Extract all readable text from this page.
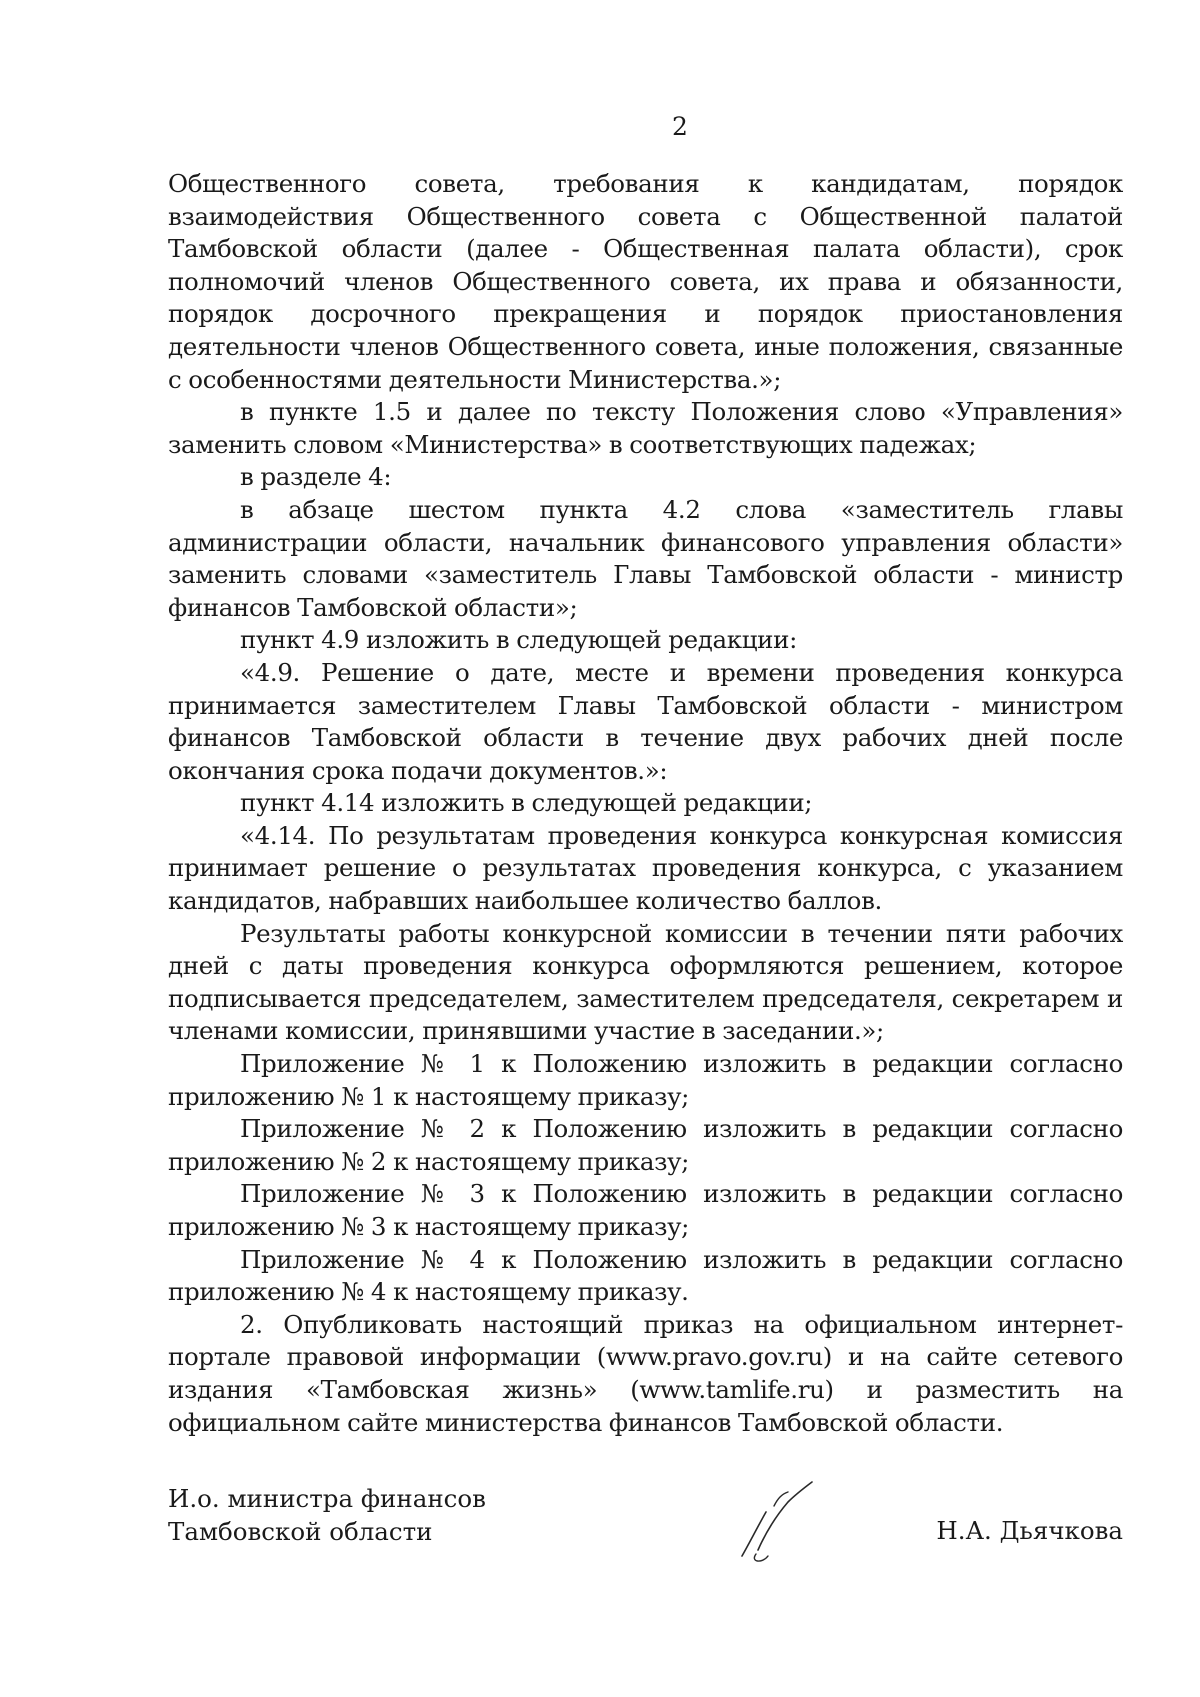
2

Общественного совета, требования к кандидатам, порядок взаимодействия Общественного совета с Общественной палатой Тамбовской области (далее - Общественная палата области), срок полномочий членов Общественного совета, их права и обязанности, порядок досрочного прекращения и порядок приостановления деятельности членов Общественного совета, иные положения, связанные с особенностями деятельности Министерства.»;

в пункте 1.5 и далее по тексту Положения слово «Управления» заменить словом «Министерства» в соответствующих падежах;

в разделе 4:

в абзаце шестом пункта 4.2 слова «заместитель главы администрации области, начальник финансового управления области» заменить словами «заместитель Главы Тамбовской области - министр финансов Тамбовской области»;

пункт 4.9 изложить в следующей редакции:

«4.9. Решение о дате, месте и времени проведения конкурса принимается заместителем Главы Тамбовской области - министром финансов Тамбовской области в течение двух рабочих дней после окончания срока подачи документов.»:

пункт 4.14 изложить в следующей редакции;

«4.14. По результатам проведения конкурса конкурсная комиссия принимает решение о результатах проведения конкурса, с указанием кандидатов, набравших наибольшее количество баллов.

Результаты работы конкурсной комиссии в течении пяти рабочих дней с даты проведения конкурса оформляются решением, которое подписывается председателем, заместителем председателя, секретарем и членами комиссии, принявшими участие в заседании.»;

Приложение № 1 к Положению изложить в редакции согласно приложению № 1 к настоящему приказу;

Приложение № 2 к Положению изложить в редакции согласно приложению № 2 к настоящему приказу;

Приложение № 3 к Положению изложить в редакции согласно приложению № 3 к настоящему приказу;

Приложение № 4 к Положению изложить в редакции согласно приложению № 4 к настоящему приказу.

2. Опубликовать настоящий приказ на официальном интернет-портале правовой информации (www.pravo.gov.ru) и на сайте сетевого издания «Тамбовская жизнь» (www.tamlife.ru) и разместить на официальном сайте министерства финансов Тамбовской области.

И.о. министра финансов
Тамбовской области	Н.А. Дьячкова
